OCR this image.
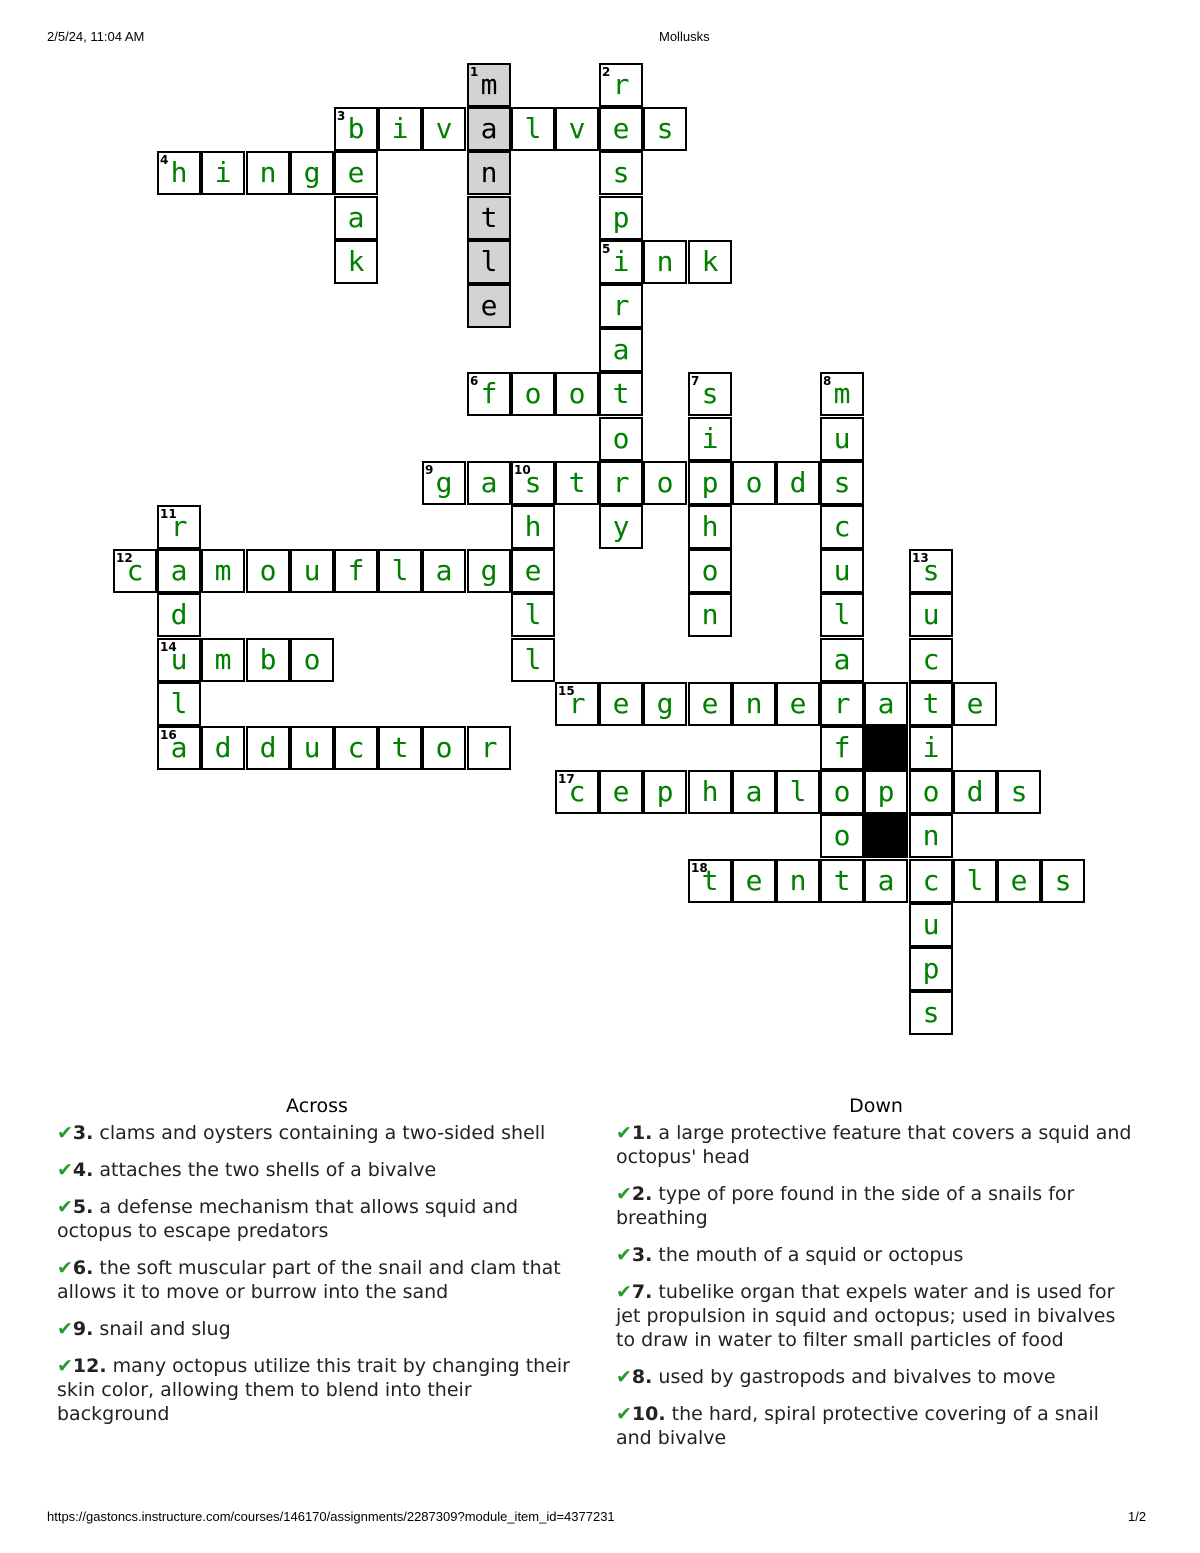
2/5/24, 11:04 AM	Mollusks
1 m
a
n
t
l
e
2 r
e
s
p
5 i
r
a
t
o
r
y
3 b i v	l v	s
e
a
k
4 h i	n g
n	k
6 f o o	7 s
i
p
h
o
n
8 m
u
s
c
u
l
a
r
f
o
o
t
9 g	a	10
s t	o	o d
h
e
l
l
11
r
a
d
14
u
l
16
a
12
c	m	o u f l a	g	13
s
u
c
t
i
o
n
c
u
p
s
m	b o
15
r e g	e n e	a	e
d	d u c t o	r
17
c e p	h a l	p	d s
18
t e n	a	l e s
Across
✔3. clams and oysters containing a two-sided shell
✔4. attaches the two shells of a bivalve
✔5. a defense mechanism that allows squid and octopus to escape predators
✔6. the soft muscular part of the snail and clam that allows it to move or burrow into the sand
✔9. snail and slug
✔12. many octopus utilize this trait by changing their skin color, allowing them to blend into their background
Down
✔1. a large protective feature that covers a squid and octopus' head
✔2. type of pore found in the side of a snails for breathing
✔3. the mouth of a squid or octopus
✔7. tubelike organ that expels water and is used for jet propulsion in squid and octopus; used in bivalves to draw in water to filter small particles of food
✔8. used by gastropods and bivalves to move
✔10. the hard, spiral protective covering of a snail and bivalve
https://gastoncs.instructure.com/courses/146170/assignments/2287309?module_item_id=4377231	1/2
